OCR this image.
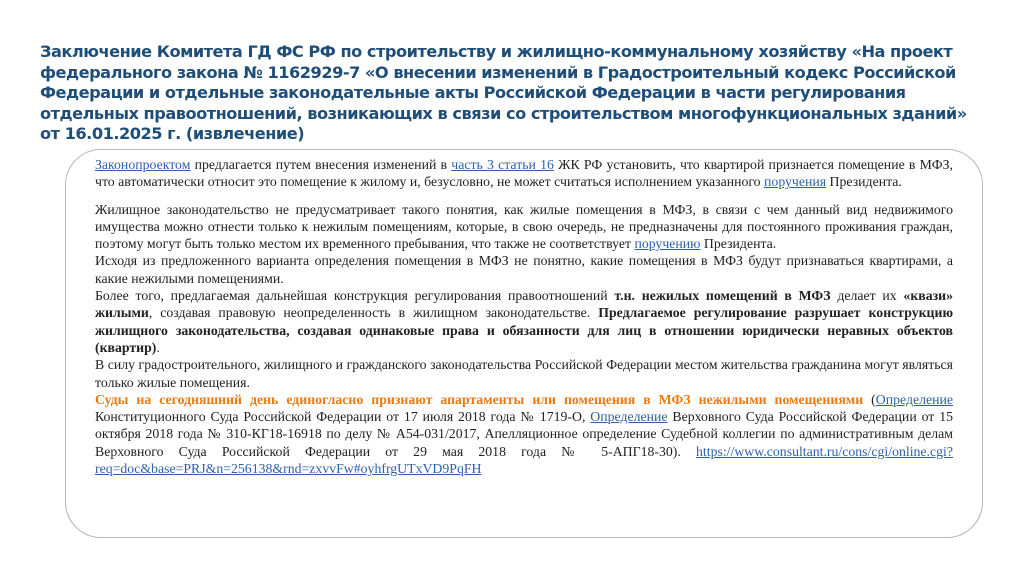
Заключение Комитета ГД ФС РФ по строительству и жилищно-коммунальному хозяйству «На проект федерального закона № 1162929-7 «О внесении изменений в Градостроительный кодекс Российской Федерации и отдельные законодательные акты Российской Федерации в части регулирования отдельных правоотношений, возникающих в связи со строительством многофункциональных зданий» от 16.01.2025 г. (извлечение)

Законопроектом предлагается путем внесения изменений в часть 3 статьи 16 ЖК РФ установить, что квартирой признается помещение в МФЗ, что автоматически относит это помещение к жилому и, безусловно, не может считаться исполнением указанного поручения Президента.

Жилищное законодательство не предусматривает такого понятия, как жилые помещения в МФЗ, в связи с чем данный вид недвижимого имущества можно отнести только к нежилым помещениям, которые, в свою очередь, не предназначены для постоянного проживания граждан, поэтому могут быть только местом их временного пребывания, что также не соответствует поручению Президента.

Исходя из предложенного варианта определения помещения в МФЗ не понятно, какие помещения в МФЗ будут признаваться квартирами, а какие нежилыми помещениями.

Более того, предлагаемая дальнейшая конструкция регулирования правоотношений т.н. нежилых помещений в МФЗ делает их «квази» жилыми, создавая правовую неопределенность в жилищном законодательстве. Предлагаемое регулирование разрушает конструкцию жилищного законодательства, создавая одинаковые права и обязанности для лиц в отношении юридически неравных объектов (квартир).

В силу градостроительного, жилищного и гражданского законодательства Российской Федерации местом жительства гражданина могут являться только жилые помещения.

Суды на сегодняшний день единогласно признают апартаменты или помещения в МФЗ нежилыми помещениями (Определение Конституционного Суда Российской Федерации от 17 июля 2018 года № 1719-О, Определение Верховного Суда Российской Федерации от 15 октября 2018 года № 310-КГ18-16918 по делу № А54-031/2017, Апелляционное определение Судебной коллегии по административным делам Верховного Суда Российской Федерации от 29 мая 2018 года № 5-АПГ18-30). https://www.consultant.ru/cons/cgi/online.cgi?req=doc&base=PRJ&n=256138&rnd=zxvvFw#oyhfrgUTxVD9PqFH
